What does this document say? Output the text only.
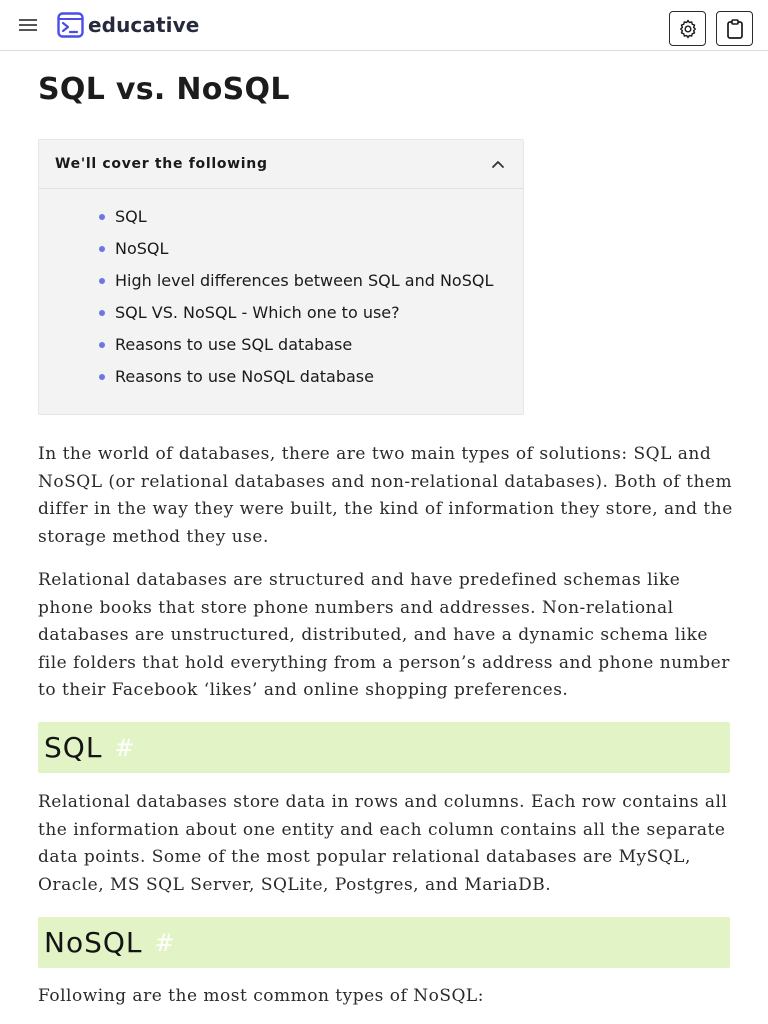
educative
SQL vs. NoSQL
We'll cover the following
SQL
NoSQL
High level differences between SQL and NoSQL
SQL VS. NoSQL - Which one to use?
Reasons to use SQL database
Reasons to use NoSQL database

In the world of databases, there are two main types of solutions: SQL and NoSQL (or relational databases and non-relational databases). Both of them differ in the way they were built, the kind of information they store, and the storage method they use.

Relational databases are structured and have predefined schemas like phone books that store phone numbers and addresses. Non-relational databases are unstructured, distributed, and have a dynamic schema like file folders that hold everything from a person’s address and phone number to their Facebook ‘likes’ and online shopping preferences.

SQL #

Relational databases store data in rows and columns. Each row contains all the information about one entity and each column contains all the separate data points. Some of the most popular relational databases are MySQL, Oracle, MS SQL Server, SQLite, Postgres, and MariaDB.

NoSQL #

Following are the most common types of NoSQL:
